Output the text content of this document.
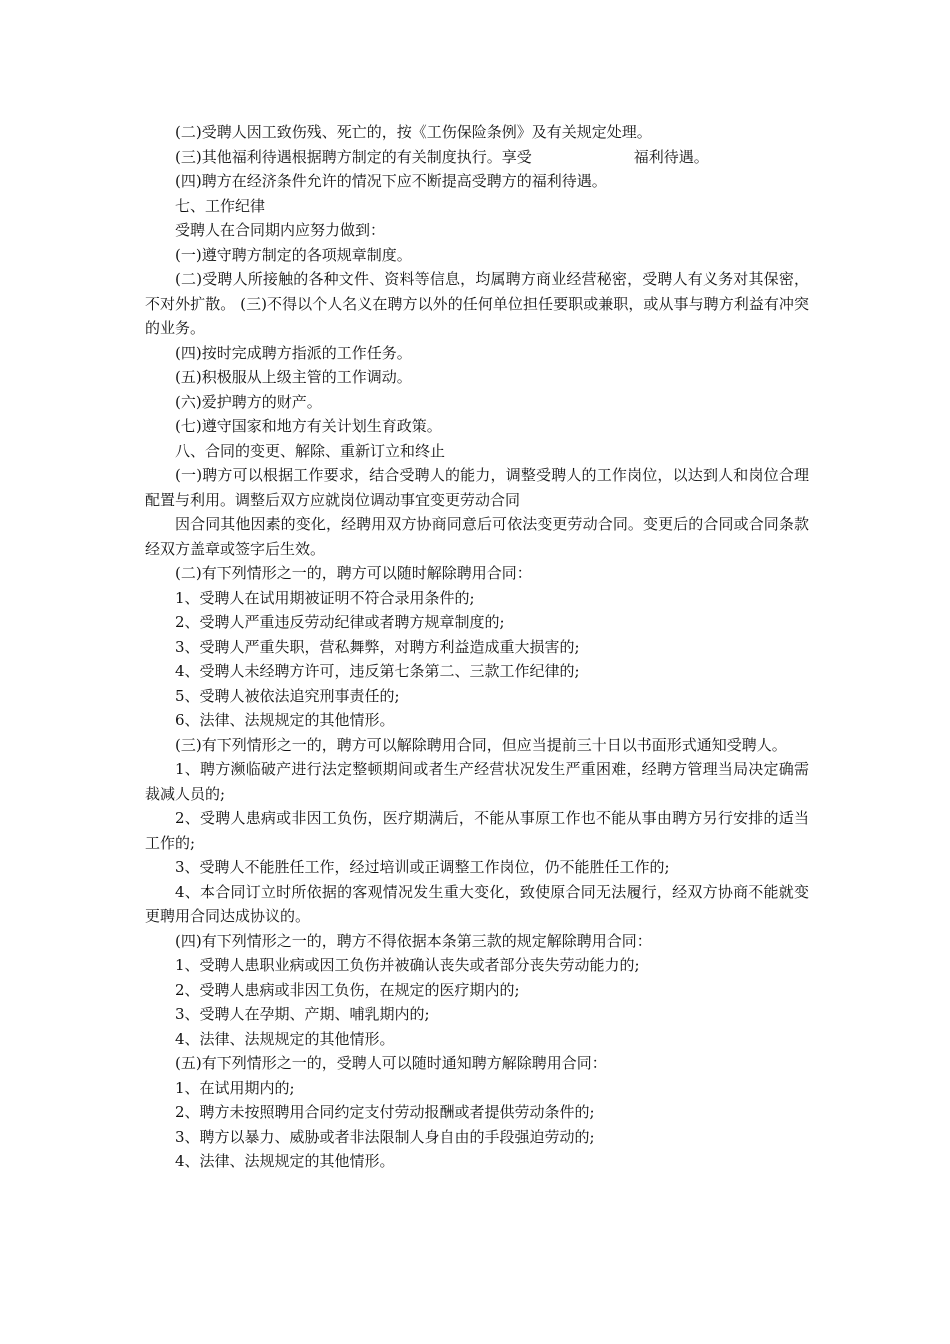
(二)受聘人因工致伤残、死亡的，按《工伤保险条例》及有关规定处理。

(三)其他福利待遇根据聘方制定的有关制度执行。享受	福利待遇。

(四)聘方在经济条件允许的情况下应不断提高受聘方的福利待遇。

七、工作纪律

受聘人在合同期内应努力做到：

(一)遵守聘方制定的各项规章制度。

(二)受聘人所接触的各种文件、资料等信息，均属聘方商业经营秘密，受聘人有义务对其保密，不对外扩散。 (三)不得以个人名义在聘方以外的任何单位担任要职或兼职，或从事与聘方利益有冲突的业务。

(四)按时完成聘方指派的工作任务。

(五)积极服从上级主管的工作调动。

(六)爱护聘方的财产。

(七)遵守国家和地方有关计划生育政策。

八、合同的变更、解除、重新订立和终止

(一)聘方可以根据工作要求，结合受聘人的能力，调整受聘人的工作岗位，以达到人和岗位合理配置与利用。调整后双方应就岗位调动事宜变更劳动合同

因合同其他因素的变化，经聘用双方协商同意后可依法变更劳动合同。变更后的合同或合同条款经双方盖章或签字后生效。

(二)有下列情形之一的，聘方可以随时解除聘用合同：

1、受聘人在试用期被证明不符合录用条件的;

2、受聘人严重违反劳动纪律或者聘方规章制度的;

3、受聘人严重失职，营私舞弊，对聘方利益造成重大损害的;

4、受聘人未经聘方许可，违反第七条第二、三款工作纪律的;

5、受聘人被依法追究刑事责任的;

6、法律、法规规定的其他情形。

(三)有下列情形之一的，聘方可以解除聘用合同，但应当提前三十日以书面形式通知受聘人。

1、聘方濒临破产进行法定整顿期间或者生产经营状况发生严重困难，经聘方管理当局决定确需裁减人员的;

2、受聘人患病或非因工负伤，医疗期满后，不能从事原工作也不能从事由聘方另行安排的适当工作的;

3、受聘人不能胜任工作，经过培训或正调整工作岗位，仍不能胜任工作的;

4、本合同订立时所依据的客观情况发生重大变化，致使原合同无法履行，经双方协商不能就变更聘用合同达成协议的。

(四)有下列情形之一的，聘方不得依据本条第三款的规定解除聘用合同：

1、受聘人患职业病或因工负伤并被确认丧失或者部分丧失劳动能力的;

2、受聘人患病或非因工负伤，在规定的医疗期内的;

3、受聘人在孕期、产期、哺乳期内的;

4、法律、法规规定的其他情形。

(五)有下列情形之一的，受聘人可以随时通知聘方解除聘用合同：

1、在试用期内的;

2、聘方未按照聘用合同约定支付劳动报酬或者提供劳动条件的;

3、聘方以暴力、威胁或者非法限制人身自由的手段强迫劳动的;

4、法律、法规规定的其他情形。
